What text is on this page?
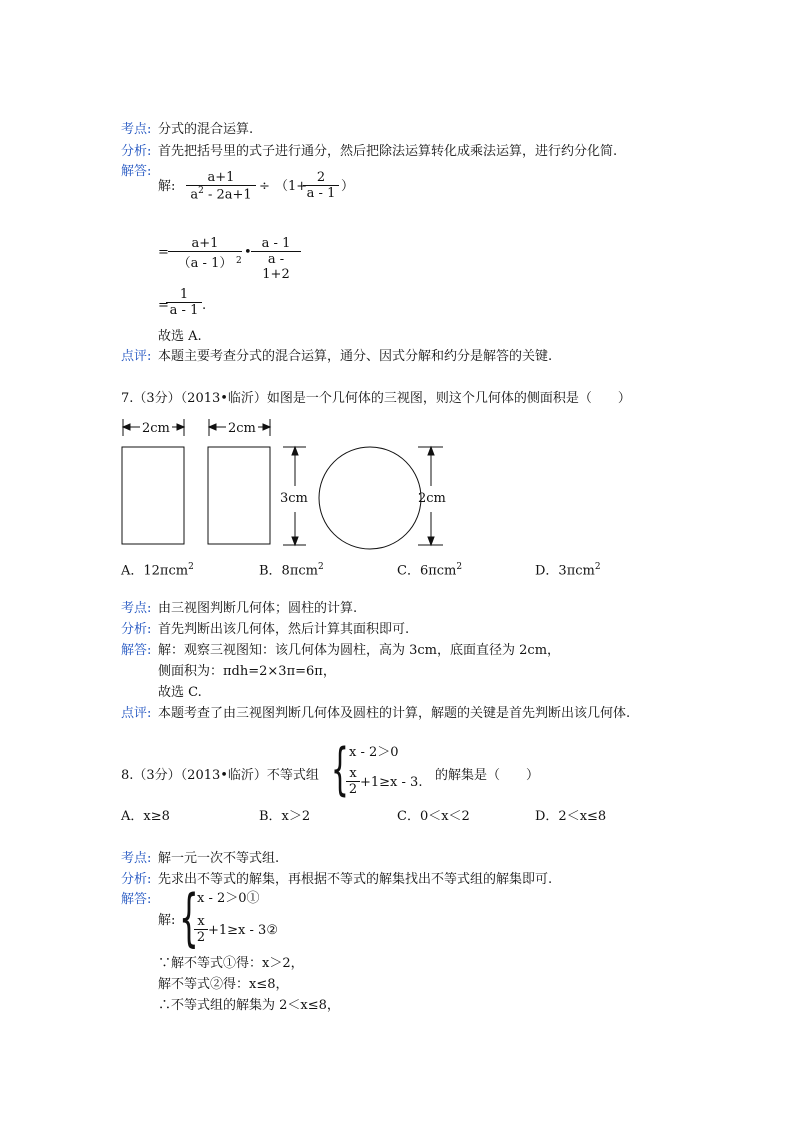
考点: 分式的混合运算.
分析: 首先把括号里的式子进行通分，然后把除法运算转化成乘法运算，进行约分化简.
解答:
解: $\frac{a+1}{a^2 - 2a+1} \div (1+$
$\frac{2}{a - 1}$ ）
= $\frac{a+1}{(a - 1)}$
2
• $\frac{a - 1}{a - 1+2}$
=
$\frac{1}{a - 1}$ .
故选 A.
点评: 本题主要考查分式的混合运算，通分、因式分解和约分是解答的关键.
7.（3分）（2013•临沂）如图是一个几何体的三视图，则这个几何体的侧面积是（　　）
2cm	2cm
3cm	2cm
A．12πcm$^2$	B．8πcm$^2$	C．6πcm$^2$	D．3πcm$^2$
考点: 由三视图判断几何体；圆柱的计算.
分析: 首先判断出该几何体，然后计算其面积即可.
解答: 解：观察三视图知：该几何体为圆柱，高为 3cm，底面直径为 2cm，
侧面积为：πdh=2×3π=6π，
故选 C.
点评: 本题考查了由三视图判断几何体及圆柱的计算，解题的关键是首先判断出该几何体.
8.（3分）（2013•临沂）不等式组 { x - 2＞0
$\frac{x}{2} +1\ge x - 3$. 的解集是（　　）
A．x≥8	B．x＞2	C．0＜x＜2	D．2＜x≤8
考点: 解一元一次不等式组.
分析: 先求出不等式的解集，再根据不等式的解集找出不等式组的解集即可.
解答:
解: {
x - 2＞0①
$\frac{x}{2} +1\ge x$ - 3②
∵解不等式①得：x＞2，
解不等式②得：x≤8，
∴不等式组的解集为 2＜x≤8，
